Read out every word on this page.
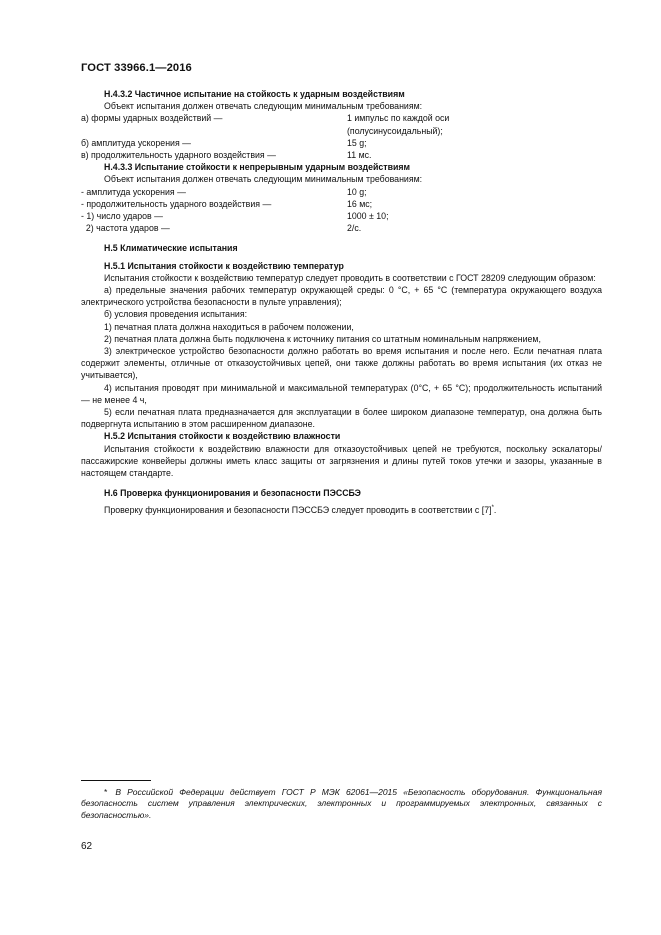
ГОСТ 33966.1—2016
H.4.3.2 Частичное испытание на стойкость к ударным воздействиям
Объект испытания должен отвечать следующим минимальным требованиям:
а) формы ударных воздействий —	1 импульс по каждой оси
(полусинусоидальный);
б) амплитуда ускорения —	15 g;
в) продолжительность ударного воздействия —	11 мс.
H.4.3.3 Испытание стойкости к непрерывным ударным воздействиям
Объект испытания должен отвечать следующим минимальным требованиям:
- амплитуда ускорения —	10 g;
- продолжительность ударного воздействия —	16 мс;
- 1) число ударов —	1000 ± 10;
2) частота ударов —	2/с.
H.5 Климатические испытания
H.5.1 Испытания стойкости к воздействию температур
Испытания стойкости к воздействию температур следует проводить в соответствии с ГОСТ 28209 следующим образом:
а) предельные значения рабочих температур окружающей среды: 0 °С, + 65 °С (температура окружающего воздуха электрического устройства безопасности в пульте управления);
б) условия проведения испытания:
1) печатная плата должна находиться в рабочем положении,
2) печатная плата должна быть подключена к источнику питания со штатным номинальным напряжением,
3) электрическое устройство безопасности должно работать во время испытания и после него. Если печатная плата содержит элементы, отличные от отказоустойчивых цепей, они также должны работать во время испытания (их отказ не учитывается),
4) испытания проводят при минимальной и максимальной температурах (0°С, + 65 °С); продолжительность испытаний — не менее 4 ч,
5) если печатная плата предназначается для эксплуатации в более широком диапазоне температур, она должна быть подвергнута испытанию в этом расширенном диапазоне.
H.5.2 Испытания стойкости к воздействию влажности
Испытания стойкости к воздействию влажности для отказоустойчивых цепей не требуются, поскольку эскалаторы/пассажирские конвейеры должны иметь класс защиты от загрязнения и длины путей токов утечки и зазоры, указанные в настоящем стандарте.
H.6 Проверка функционирования и безопасности ПЭССБЭ
Проверку функционирования и безопасности ПЭССБЭ следует проводить в соответствии с [7]*.
* В Российской Федерации действует ГОСТ Р МЭК 62061—2015 «Безопасность оборудования. Функциональная безопасность систем управления электрических, электронных и программируемых электронных, связанных с безопасностью».
62
